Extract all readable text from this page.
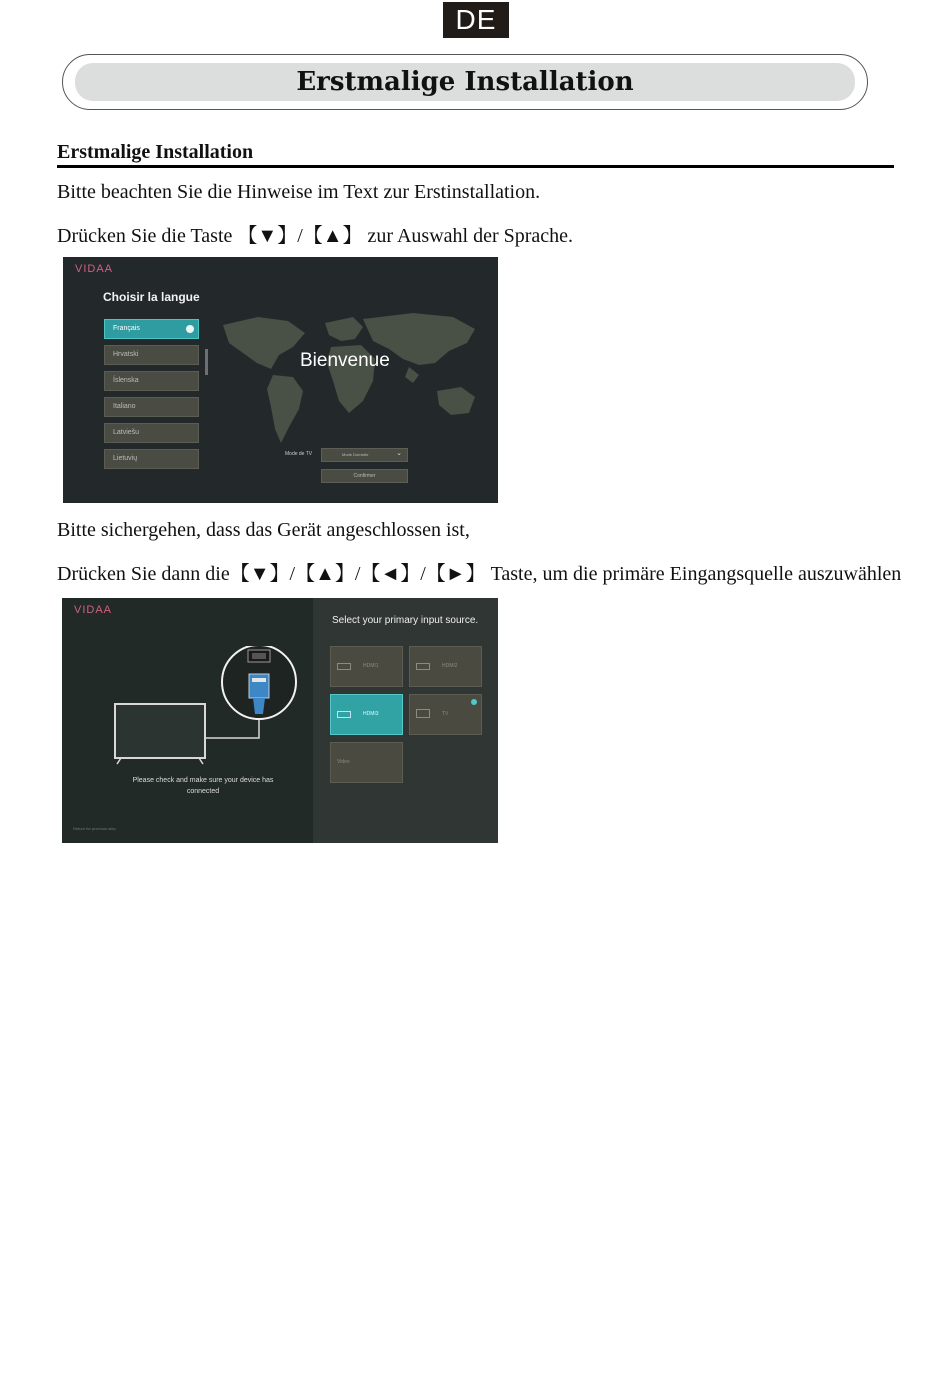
DE
Erstmalige Installation
Erstmalige Installation
Bitte beachten Sie die Hinweise im Text zur Erstinstallation.
Drücken Sie die Taste 【▼】/【▲】 zur Auswahl der Sprache.
VIDAA
Bienvenue
Choisir la langue
Français
Hrvatski
Íslenska
Italiano
Latviešu
Lietuvių
Mode de TV	Mode Domicile	⌄
Confirmer
Bitte sichergehen, dass das Gerät angeschlossen ist,
Drücken Sie dann die【▼】/【▲】/【◄】/【►】 Taste, um die primäre Eingangsquelle auszuwählen
VIDAA
Please check and make sure your device has connected
Return for previous step
Select your primary input source.
HDMI1	HDMI2
HDMI3	TV
Video
